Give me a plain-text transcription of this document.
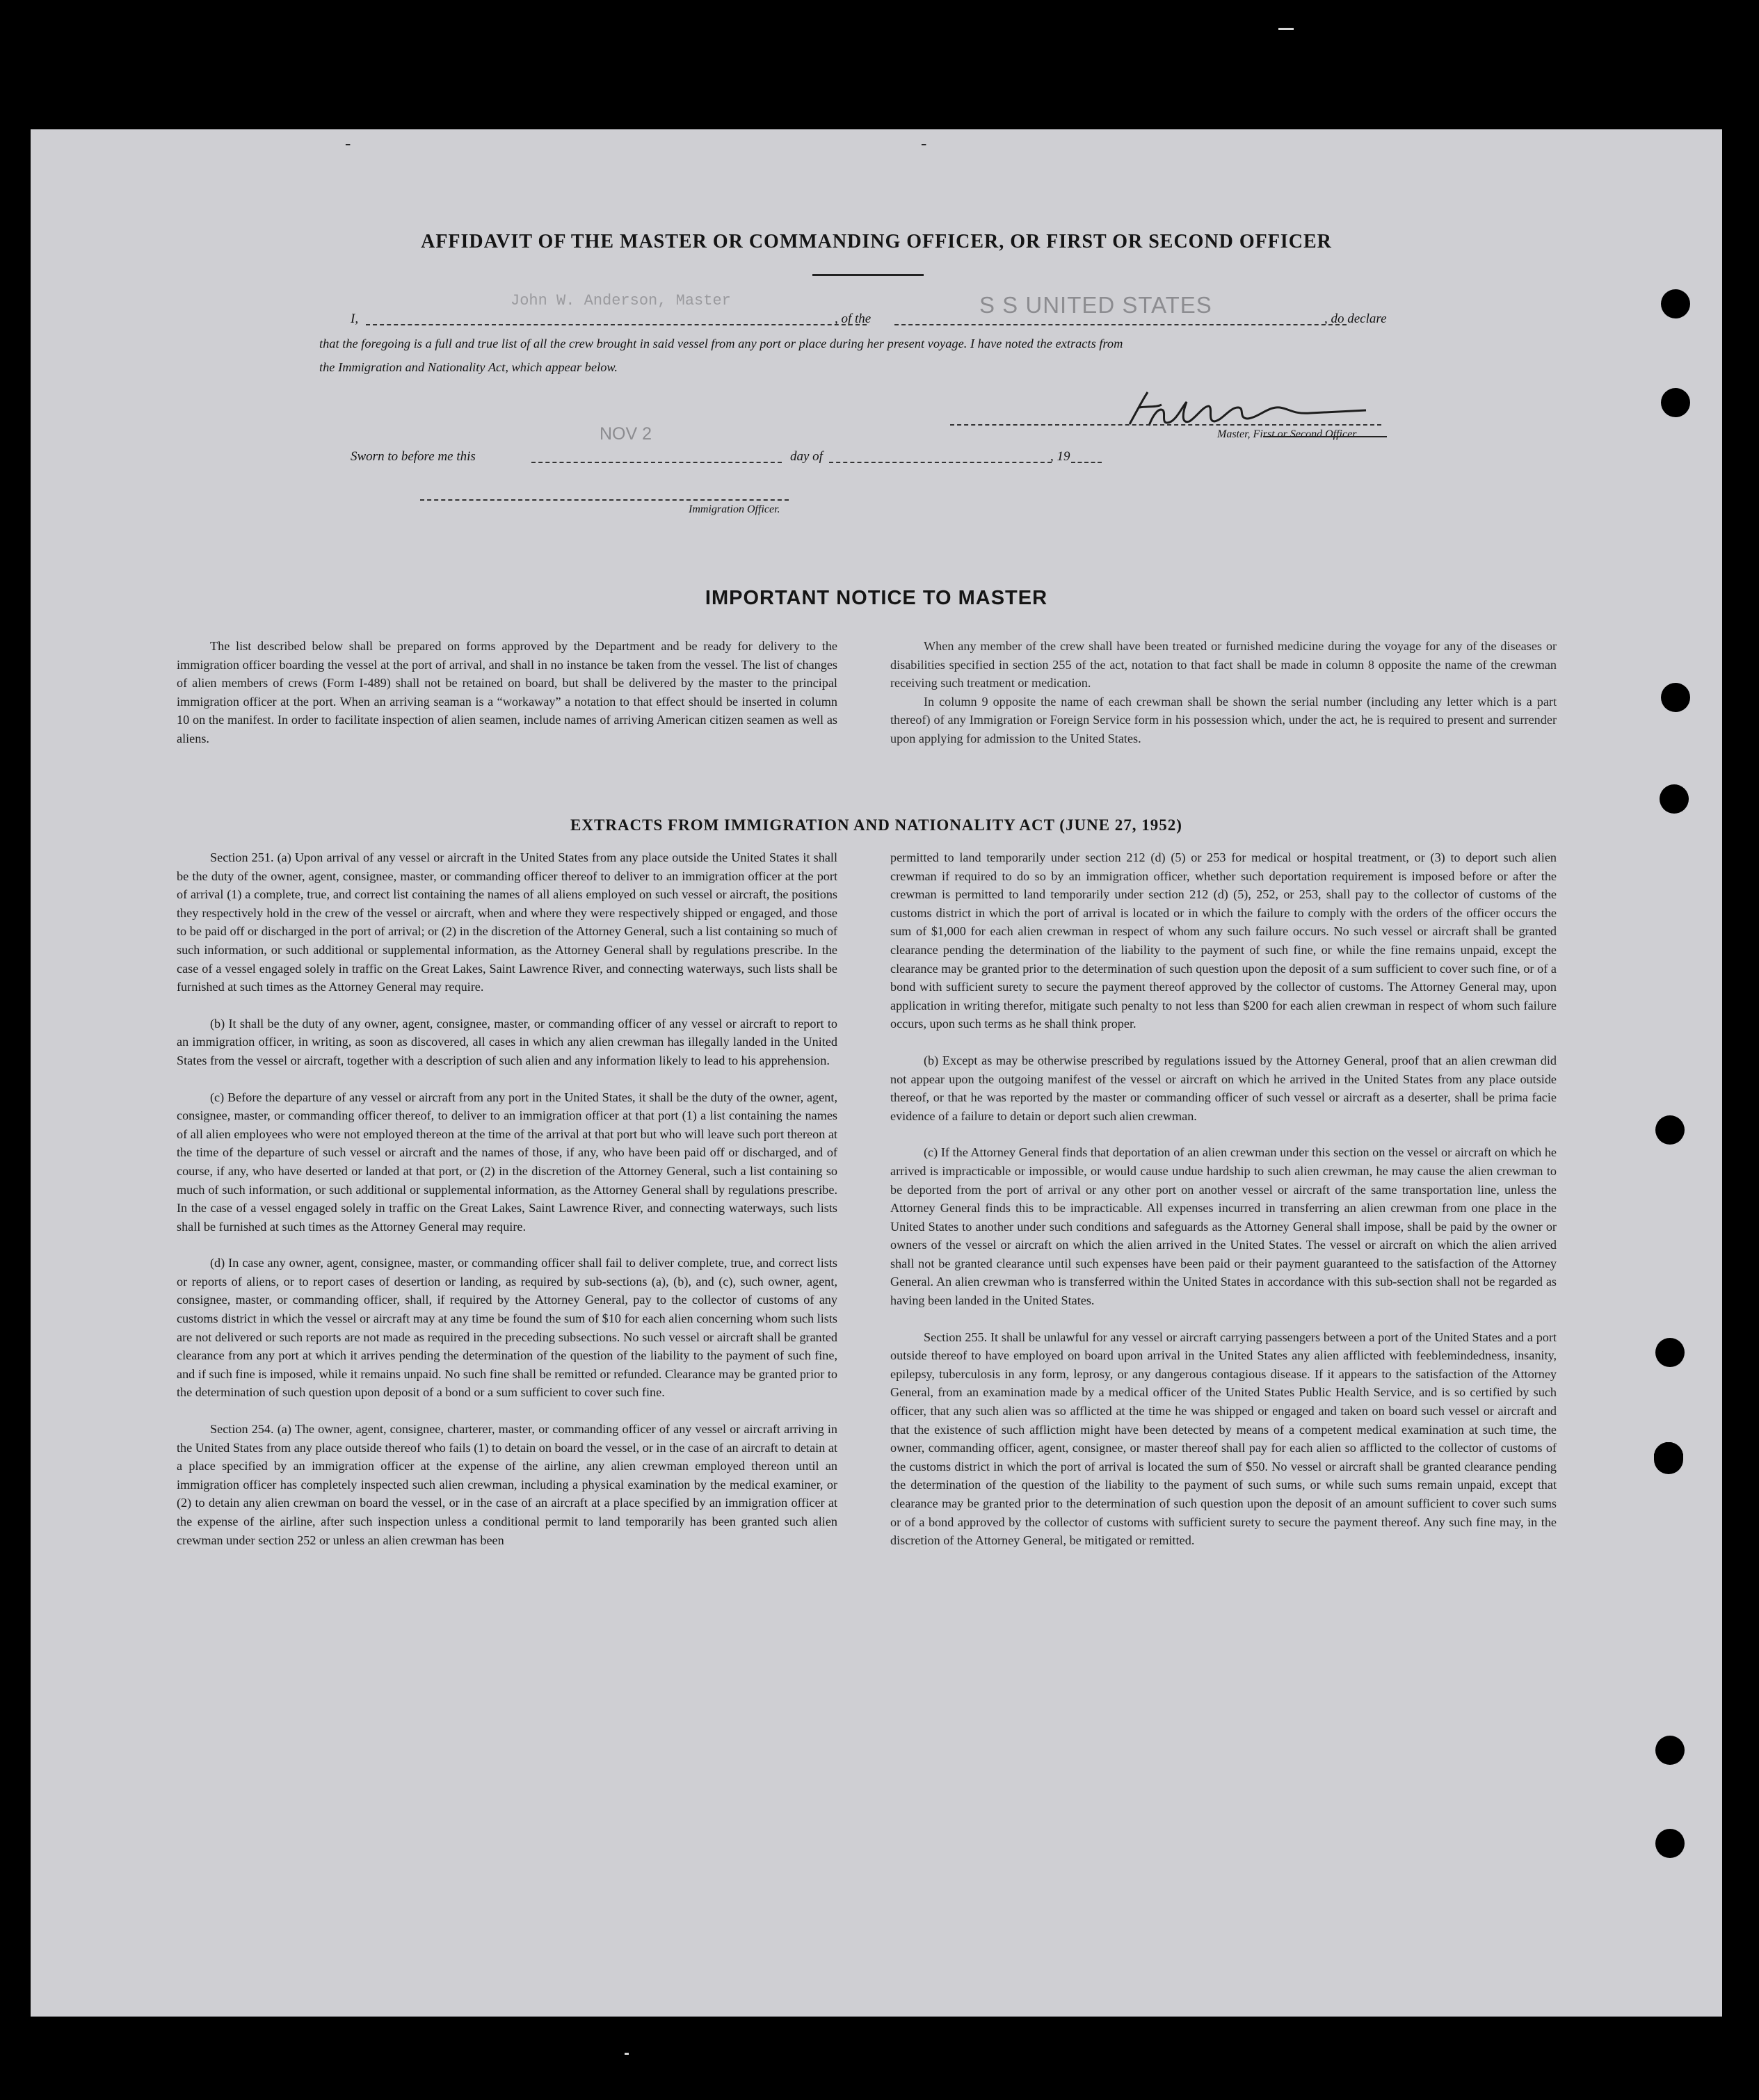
-	-
AFFIDAVIT OF THE MASTER OR COMMANDING OFFICER, OR FIRST OR SECOND OFFICER
I,
John W. Anderson, Master
, of the
S S UNITED STATES
, do declare
that the foregoing is a full and true list of all the crew brought in said vessel from any port or place during her present voyage. I have noted the extracts from
the Immigration and Nationality Act, which appear below.
Master, First or Second Officer
Sworn to before me this
NOV 2
day of	, 19
Immigration Officer.
IMPORTANT NOTICE TO MASTER

The list described below shall be prepared on forms approved by the Department and be ready for delivery to the immigration officer boarding the vessel at the port of arrival, and shall in no instance be taken from the vessel. The list of changes of alien members of crews (Form I-489) shall not be retained on board, but shall be delivered by the master to the principal immigration officer at the port. When an arriving seaman is a “workaway” a notation to that effect should be inserted in column 10 on the manifest. In order to facilitate inspection of alien seamen, include names of arriving American citizen seamen as well as aliens.

When any member of the crew shall have been treated or furnished medicine during the voyage for any of the diseases or disabilities specified in section 255 of the act, notation to that fact shall be made in column 8 opposite the name of the crewman receiving such treatment or medication.

In column 9 opposite the name of each crewman shall be shown the serial number (including any letter which is a part thereof) of any Immigration or Foreign Service form in his possession which, under the act, he is required to present and surrender upon applying for admission to the United States.

EXTRACTS FROM IMMIGRATION AND NATIONALITY ACT (JUNE 27, 1952)

Section 251. (a) Upon arrival of any vessel or aircraft in the United States from any place outside the United States it shall be the duty of the owner, agent, consignee, master, or commanding officer thereof to deliver to an immigration officer at the port of arrival (1) a complete, true, and correct list containing the names of all aliens employed on such vessel or aircraft, the positions they respectively hold in the crew of the vessel or aircraft, when and where they were respectively shipped or engaged, and those to be paid off or discharged in the port of arrival; or (2) in the discretion of the Attorney General, such a list containing so much of such information, or such additional or supplemental information, as the Attorney General shall by regulations prescribe. In the case of a vessel engaged solely in traffic on the Great Lakes, Saint Lawrence River, and connecting waterways, such lists shall be furnished at such times as the Attorney General may require.

(b) It shall be the duty of any owner, agent, consignee, master, or commanding officer of any vessel or aircraft to report to an immigration officer, in writing, as soon as discovered, all cases in which any alien crewman has illegally landed in the United States from the vessel or aircraft, together with a description of such alien and any information likely to lead to his apprehension.

(c) Before the departure of any vessel or aircraft from any port in the United States, it shall be the duty of the owner, agent, consignee, master, or commanding officer thereof, to deliver to an immigration officer at that port (1) a list containing the names of all alien employees who were not employed thereon at the time of the arrival at that port but who will leave such port thereon at the time of the departure of such vessel or aircraft and the names of those, if any, who have been paid off or discharged, and of course, if any, who have deserted or landed at that port, or (2) in the discretion of the Attorney General, such a list containing so much of such information, or such additional or supplemental information, as the Attorney General shall by regulations prescribe. In the case of a vessel engaged solely in traffic on the Great Lakes, Saint Lawrence River, and connecting waterways, such lists shall be furnished at such times as the Attorney General may require.

(d) In case any owner, agent, consignee, master, or commanding officer shall fail to deliver complete, true, and correct lists or reports of aliens, or to report cases of desertion or landing, as required by sub-sections (a), (b), and (c), such owner, agent, consignee, master, or commanding officer, shall, if required by the Attorney General, pay to the collector of customs of any customs district in which the vessel or aircraft may at any time be found the sum of $10 for each alien concerning whom such lists are not delivered or such reports are not made as required in the preceding subsections. No such vessel or aircraft shall be granted clearance from any port at which it arrives pending the determination of the question of the liability to the payment of such fine, and if such fine is imposed, while it remains unpaid. No such fine shall be remitted or refunded. Clearance may be granted prior to the determination of such question upon deposit of a bond or a sum sufficient to cover such fine.

Section 254. (a) The owner, agent, consignee, charterer, master, or commanding officer of any vessel or aircraft arriving in the United States from any place outside thereof who fails (1) to detain on board the vessel, or in the case of an aircraft to detain at a place specified by an immigration officer at the expense of the airline, any alien crewman employed thereon until an immigration officer has completely inspected such alien crewman, including a physical examination by the medical examiner, or (2) to detain any alien crewman on board the vessel, or in the case of an aircraft at a place specified by an immigration officer at the expense of the airline, after such inspection unless a conditional permit to land temporarily has been granted such alien crewman under section 252 or unless an alien crewman has been

permitted to land temporarily under section 212 (d) (5) or 253 for medical or hospital treatment, or (3) to deport such alien crewman if required to do so by an immigration officer, whether such deportation requirement is imposed before or after the crewman is permitted to land temporarily under section 212 (d) (5), 252, or 253, shall pay to the collector of customs of the customs district in which the port of arrival is located or in which the failure to comply with the orders of the officer occurs the sum of $1,000 for each alien crewman in respect of whom any such failure occurs. No such vessel or aircraft shall be granted clearance pending the determination of the liability to the payment of such fine, or while the fine remains unpaid, except the clearance may be granted prior to the determination of such question upon the deposit of a sum sufficient to cover such fine, or of a bond with sufficient surety to secure the payment thereof approved by the collector of customs. The Attorney General may, upon application in writing therefor, mitigate such penalty to not less than $200 for each alien crewman in respect of whom such failure occurs, upon such terms as he shall think proper.

(b) Except as may be otherwise prescribed by regulations issued by the Attorney General, proof that an alien crewman did not appear upon the outgoing manifest of the vessel or aircraft on which he arrived in the United States from any place outside thereof, or that he was reported by the master or commanding officer of such vessel or aircraft as a deserter, shall be prima facie evidence of a failure to detain or deport such alien crewman.

(c) If the Attorney General finds that deportation of an alien crewman under this section on the vessel or aircraft on which he arrived is impracticable or impossible, or would cause undue hardship to such alien crewman, he may cause the alien crewman to be deported from the port of arrival or any other port on another vessel or aircraft of the same transportation line, unless the Attorney General finds this to be impracticable. All expenses incurred in transferring an alien crewman from one place in the United States to another under such conditions and safeguards as the Attorney General shall impose, shall be paid by the owner or owners of the vessel or aircraft on which the alien arrived in the United States. The vessel or aircraft on which the alien arrived shall not be granted clearance until such expenses have been paid or their payment guaranteed to the satisfaction of the Attorney General. An alien crewman who is transferred within the United States in accordance with this sub-section shall not be regarded as having been landed in the United States.

Section 255. It shall be unlawful for any vessel or aircraft carrying passengers between a port of the United States and a port outside thereof to have employed on board upon arrival in the United States any alien afflicted with feeblemindedness, insanity, epilepsy, tuberculosis in any form, leprosy, or any dangerous contagious disease. If it appears to the satisfaction of the Attorney General, from an examination made by a medical officer of the United States Public Health Service, and is so certified by such officer, that any such alien was so afflicted at the time he was shipped or engaged and taken on board such vessel or aircraft and that the existence of such affliction might have been detected by means of a competent medical examination at such time, the owner, commanding officer, agent, consignee, or master thereof shall pay for each alien so afflicted to the collector of customs of the customs district in which the port of arrival is located the sum of $50. No vessel or aircraft shall be granted clearance pending the determination of the question of the liability to the payment of such sums, or while such sums remain unpaid, except that clearance may be granted prior to the determination of such question upon the deposit of an amount sufficient to cover such sums or of a bond approved by the collector of customs with sufficient surety to secure the payment thereof. Any such fine may, in the discretion of the Attorney General, be mitigated or remitted.
